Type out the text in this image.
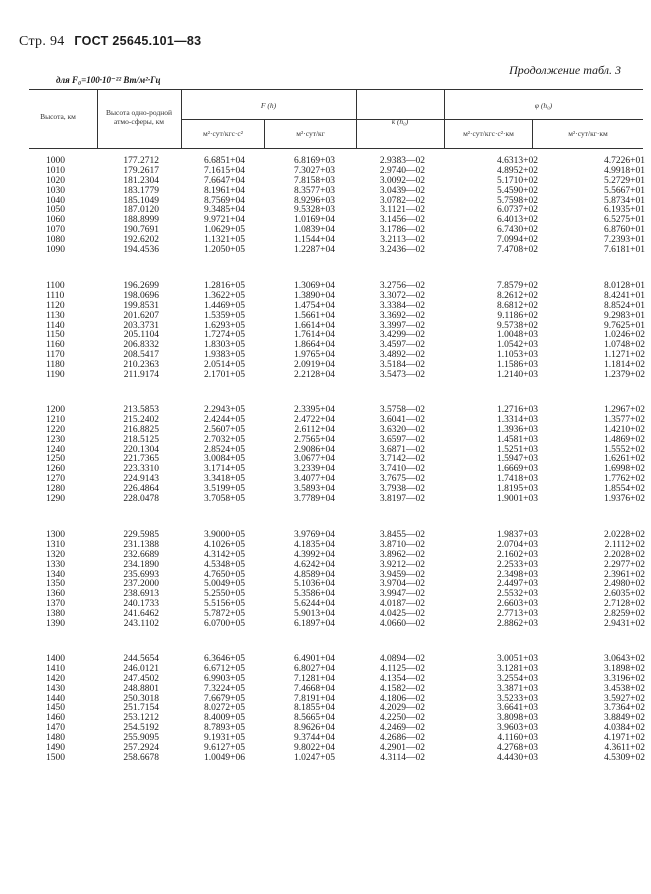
Стр. 94 ГОСТ 25645.101—83
Продолжение табл. 3
для F₀=100·10⁻²² Вт/м²·Гц
Высота, км	Высота одно-родной атмо-сферы, км
F (h)
м²·сут/кгс·с²	м²·сут/кг
k (h₀)
φ (h₀)
м²·сут/кгс·с²·км	м²·сут/кг·км
1000	177.2712	6.6851+04	6.8169+03	2.9383—02	4.6313+02	4.7226+01
1010	179.2617	7.1615+04	7.3027+03	2.9740—02	4.8952+02	4.9918+01
1020	181.2304	7.6647+04	7.8158+03	3.0092—02	5.1710+02	5.2729+01
1030	183.1779	8.1961+04	8.3577+03	3.0439—02	5.4590+02	5.5667+01
1040	185.1049	8.7569+04	8.9296+03	3.0782—02	5.7598+02	5.8734+01
1050	187.0120	9.3485+04	9.5328+03	3.1121—02	6.0737+02	6.1935+01
1060	188.8999	9.9721+04	1.0169+04	3.1456—02	6.4013+02	6.5275+01
1070	190.7691	1.0629+05	1.0839+04	3.1786—02	6.7430+02	6.8760+01
1080	192.6202	1.1321+05	1.1544+04	3.2113—02	7.0994+02	7.2393+01
1090	194.4536	1.2050+05	1.2287+04	3.2436—02	7.4708+02	7.6181+01
1100	196.2699	1.2816+05	1.3069+04	3.2756—02	7.8579+02	8.0128+01
1110	198.0696	1.3622+05	1.3890+04	3.3072—02	8.2612+02	8.4241+01
1120	199.8531	1.4469+05	1.4754+04	3.3384—02	8.6812+02	8.8524+01
1130	201.6207	1.5359+05	1.5661+04	3.3692—02	9.1186+02	9.2983+01
1140	203.3731	1.6293+05	1.6614+04	3.3997—02	9.5738+02	9.7625+01
1150	205.1104	1.7274+05	1.7614+04	3.4299—02	1.0048+03	1.0246+02
1160	206.8332	1.8303+05	1.8664+04	3.4597—02	1.0542+03	1.0748+02
1170	208.5417	1.9383+05	1.9765+04	3.4892—02	1.1053+03	1.1271+02
1180	210.2363	2.0514+05	2.0919+04	3.5184—02	1.1586+03	1.1814+02
1190	211.9174	2.1701+05	2.2128+04	3.5473—02	1.2140+03	1.2379+02
1200	213.5853	2.2943+05	2.3395+04	3.5758—02	1.2716+03	1.2967+02
1210	215.2402	2.4244+05	2.4722+04	3.6041—02	1.3314+03	1.3577+02
1220	216.8825	2.5607+05	2.6112+04	3.6320—02	1.3936+03	1.4210+02
1230	218.5125	2.7032+05	2.7565+04	3.6597—02	1.4581+03	1.4869+02
1240	220.1304	2.8524+05	2.9086+04	3.6871—02	1.5251+03	1.5552+02
1250	221.7365	3.0084+05	3.0677+04	3.7142—02	1.5947+03	1.6261+02
1260	223.3310	3.1714+05	3.2339+04	3.7410—02	1.6669+03	1.6998+02
1270	224.9143	3.3418+05	3.4077+04	3.7675—02	1.7418+03	1.7762+02
1280	226.4864	3.5199+05	3.5893+04	3.7938—02	1.8195+03	1.8554+02
1290	228.0478	3.7058+05	3.7789+04	3.8197—02	1.9001+03	1.9376+02
1300	229.5985	3.9000+05	3.9769+04	3.8455—02	1.9837+03	2.0228+02
1310	231.1388	4.1026+05	4.1835+04	3.8710—02	2.0704+03	2.1112+02
1320	232.6689	4.3142+05	4.3992+04	3.8962—02	2.1602+03	2.2028+02
1330	234.1890	4.5348+05	4.6242+04	3.9212—02	2.2533+03	2.2977+02
1340	235.6993	4.7650+05	4.8589+04	3.9459—02	2.3498+03	2.3961+02
1350	237.2000	5.0049+05	5.1036+04	3.9704—02	2.4497+03	2.4980+02
1360	238.6913	5.2550+05	5.3586+04	3.9947—02	2.5532+03	2.6035+02
1370	240.1733	5.5156+05	5.6244+04	4.0187—02	2.6603+03	2.7128+02
1380	241.6462	5.7872+05	5.9013+04	4.0425—02	2.7713+03	2.8259+02
1390	243.1102	6.0700+05	6.1897+04	4.0660—02	2.8862+03	2.9431+02
1400	244.5654	6.3646+05	6.4901+04	4.0894—02	3.0051+03	3.0643+02
1410	246.0121	6.6712+05	6.8027+04	4.1125—02	3.1281+03	3.1898+02
1420	247.4502	6.9903+05	7.1281+04	4.1354—02	3.2554+03	3.3196+02
1430	248.8801	7.3224+05	7.4668+04	4.1582—02	3.3871+03	3.4538+02
1440	250.3018	7.6679+05	7.8191+04	4.1806—02	3.5233+03	3.5927+02
1450	251.7154	8.0272+05	8.1855+04	4.2029—02	3.6641+03	3.7364+02
1460	253.1212	8.4009+05	8.5665+04	4.2250—02	3.8098+03	3.8849+02
1470	254.5192	8.7893+05	8.9626+04	4.2469—02	3.9603+03	4.0384+02
1480	255.9095	9.1931+05	9.3744+04	4.2686—02	4.1160+03	4.1971+02
1490	257.2924	9.6127+05	9.8022+04	4.2901—02	4.2768+03	4.3611+02
1500	258.6678	1.0049+06	1.0247+05	4.3114—02	4.4430+03	4.5309+02
